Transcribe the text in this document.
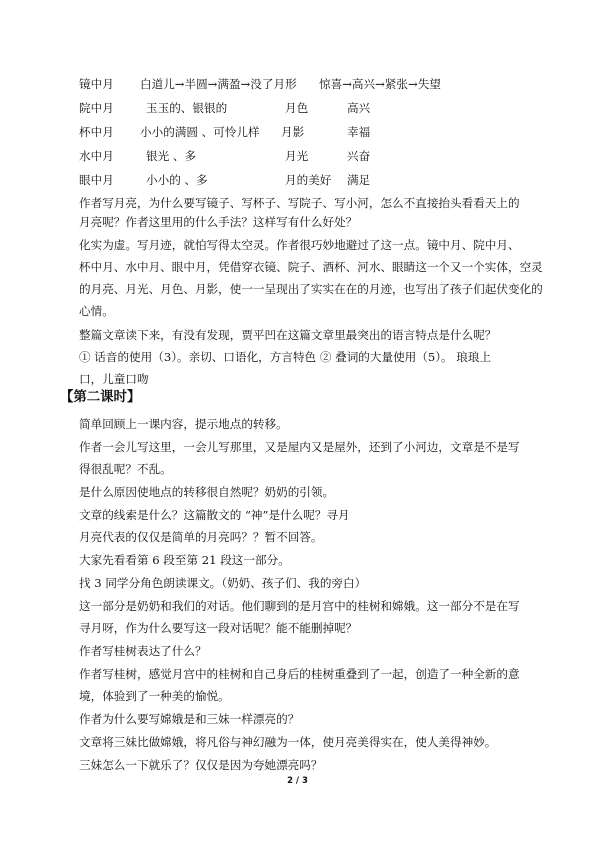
镜中月 白道儿→半圆→满盈→没了月形 惊喜→高兴→紧张→失望
院中月	玉玉的、银银的	月色	高兴
杯中月 小小的满圆 、可怜儿样 月影	幸福
水中月	银光 、多	月光	兴奋
眼中月	小小的 、多	月的美好 满足
作者写月亮，为什么要写镜子、写杯子、写院子、写小河，怎么不直接抬头看看天上的
月亮呢？作者这里用的什么手法？这样写有什么好处？
化实为虚。写月迹，就怕写得太空灵。作者很巧妙地避过了这一点。镜中月、院中月、
杯中月、水中月、眼中月，凭借穿衣镜、院子、酒杯、河水、眼睛这一个又一个实体，空灵
的月亮、月光、月色、月影，使一一呈现出了实实在在的月迹，也写出了孩子们起伏变化的
心情。
整篇文章读下来，有没有发现，贾平凹在这篇文章里最突出的语言特点是什么呢？
① 话音的使用（3）。亲切、口语化，方言特色 ② 叠词的大量使用（5）。 琅琅上
口，儿童口吻
【第二课时】
简单回顾上一课内容，提示地点的转移。
作者一会儿写这里，一会儿写那里，又是屋内又是屋外，还到了小河边，文章是不是写
得很乱呢？不乱。
是什么原因使地点的转移很自然呢？奶奶的引领。
文章的线索是什么？这篇散文的 “神”是什么呢？寻月
月亮代表的仅仅是简单的月亮吗？？暂不回答。
大家先看看第 6 段至第 21 段这一部分。
找 3 同学分角色朗读课文。（奶奶、孩子们、我的旁白）
这一部分是奶奶和我们的对话。他们聊到的是月宫中的桂树和嫦娥。这一部分不是在写
寻月呀，作为什么要写这一段对话呢？能不能删掉呢？
作者写桂树表达了什么？
作者写桂树，感觉月宫中的桂树和自己身后的桂树重叠到了一起，创造了一种全新的意
境，体验到了一种美的愉悦。
作者为什么要写嫦娥是和三妹一样漂亮的？
文章将三妹比做嫦娥，将凡俗与神幻融为一体，使月亮美得实在，使人美得神妙。
三妹怎么一下就乐了？仅仅是因为夸她漂亮吗？
2 / 3
